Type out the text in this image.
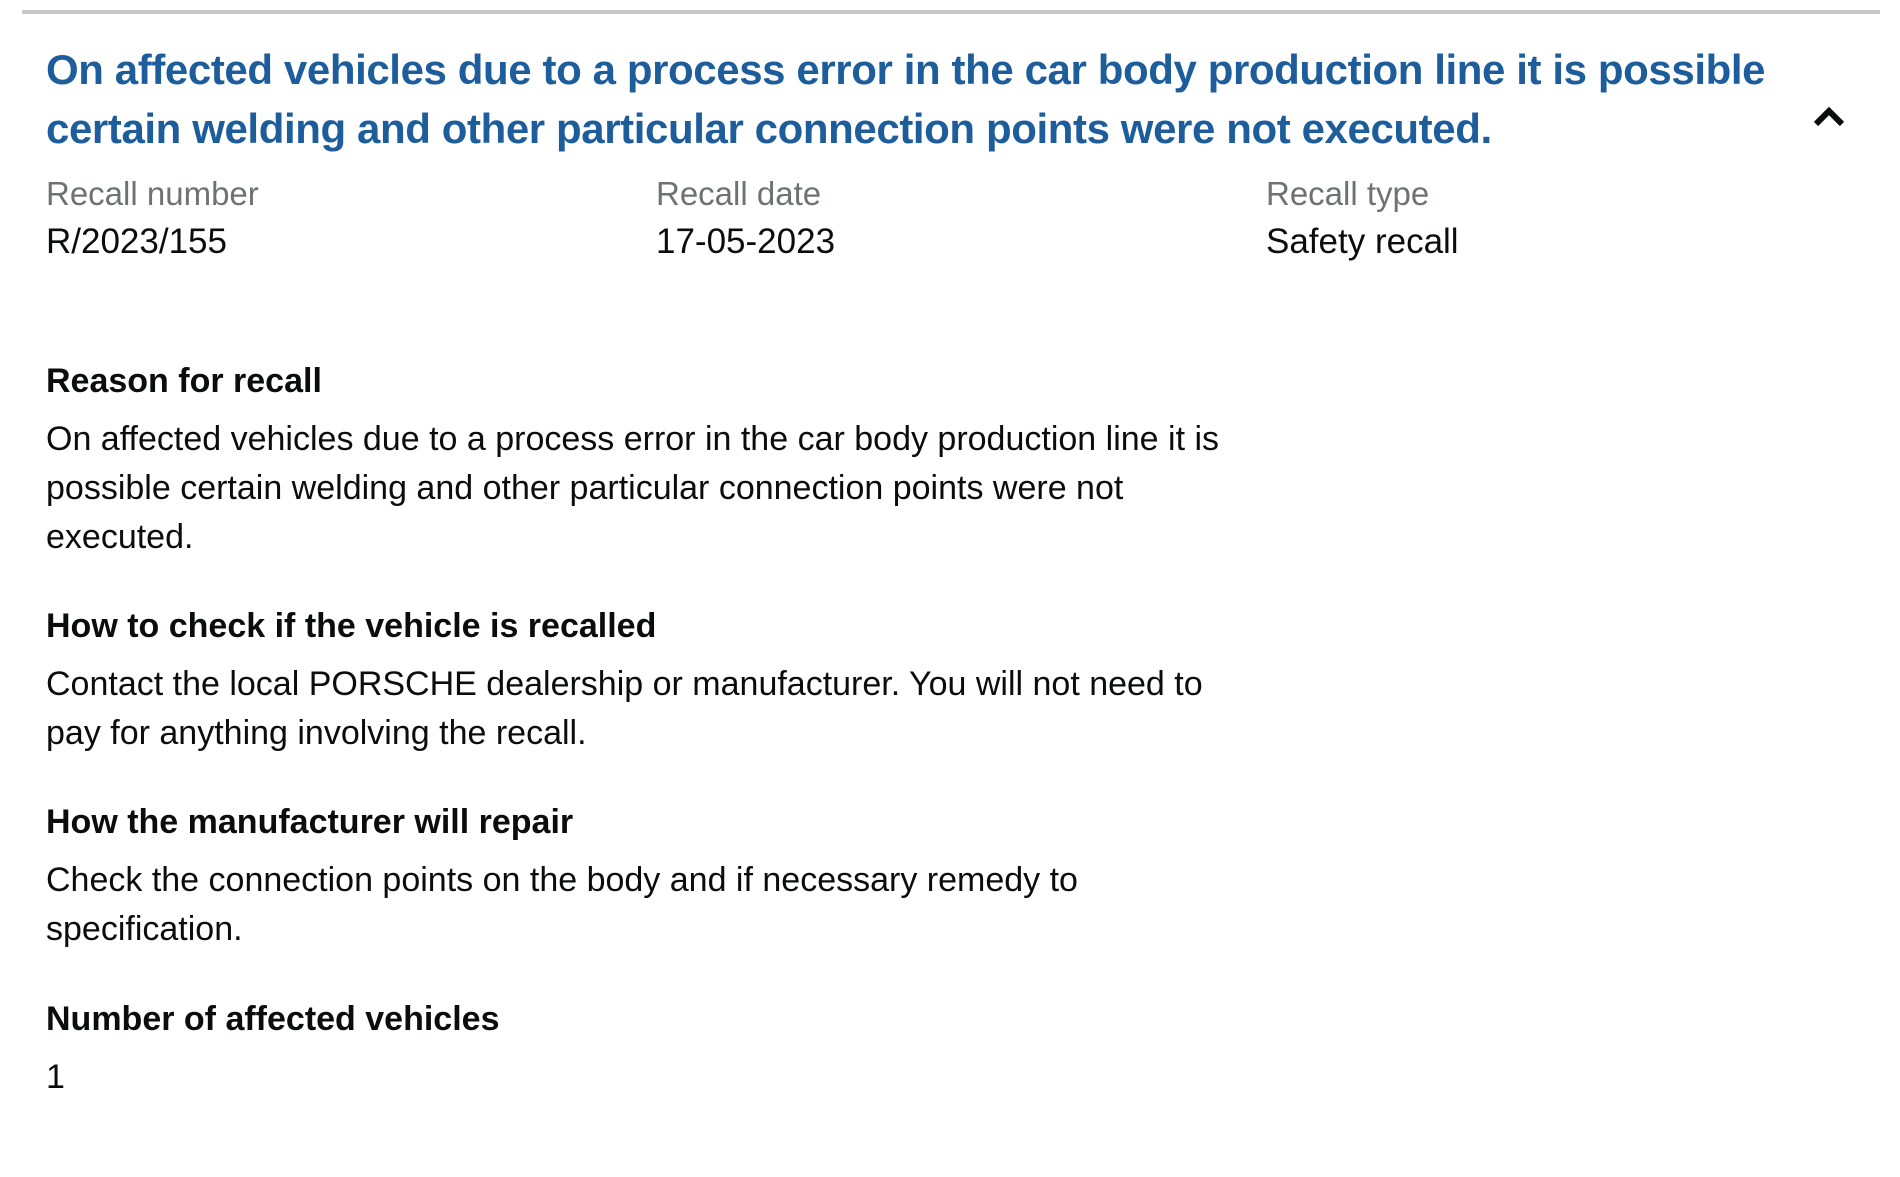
On affected vehicles due to a process error in the car body production line it is possible certain welding and other particular connection points were not executed.
Recall number
R/2023/155
Recall date
17-05-2023
Recall type
Safety recall
Reason for recall

On affected vehicles due to a process error in the car body production line it is possible certain welding and other particular connection points were not executed.

How to check if the vehicle is recalled

Contact the local PORSCHE dealership or manufacturer. You will not need to pay for anything involving the recall.

How the manufacturer will repair

Check the connection points on the body and if necessary remedy to specification.

Number of affected vehicles

1
